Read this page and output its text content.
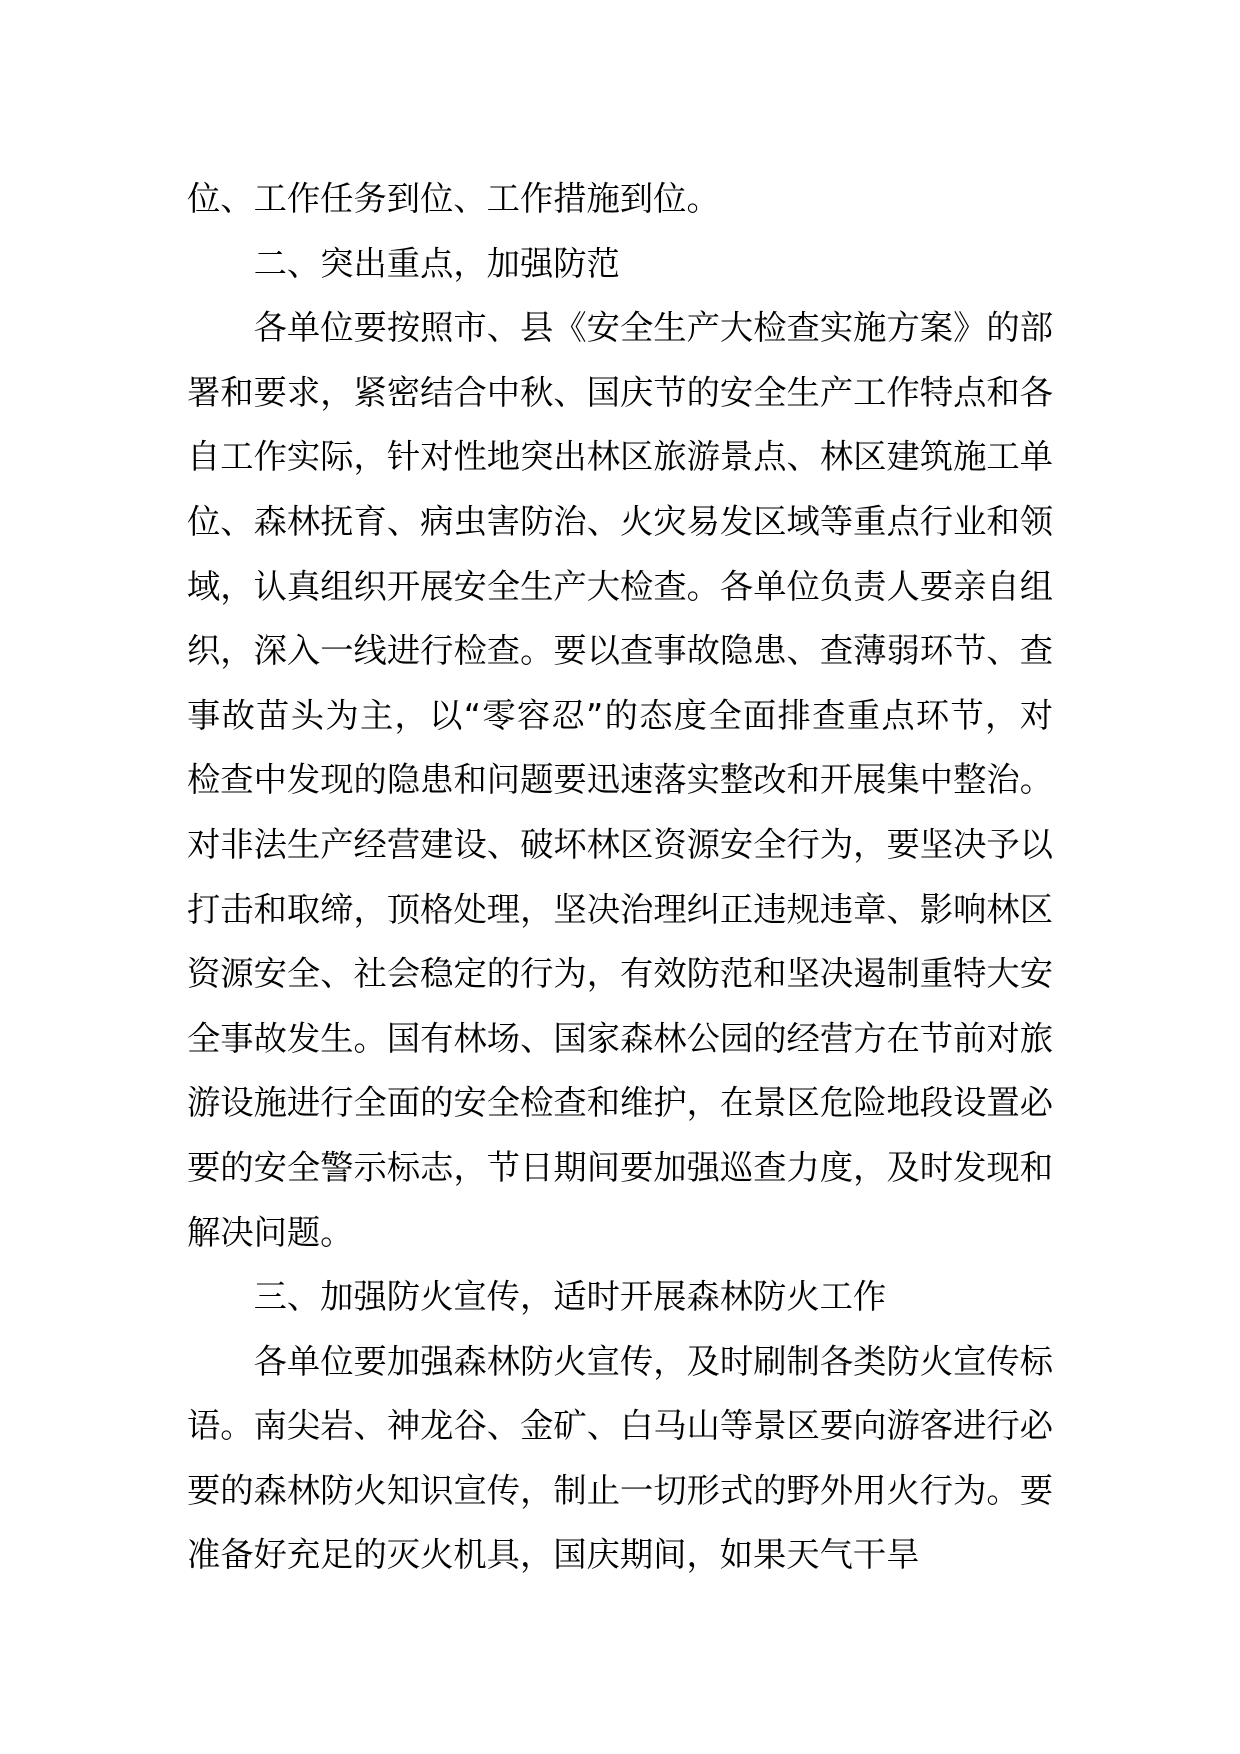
位、工作任务到位、工作措施到位。

二、突出重点，加强防范

各单位要按照市、县《安全生产大检查实施方案》的部署和要求，紧密结合中秋、国庆节的安全生产工作特点和各自工作实际，针对性地突出林区旅游景点、林区建筑施工单位、森林抚育、病虫害防治、火灾易发区域等重点行业和领域，认真组织开展安全生产大检查。各单位负责人要亲自组织，深入一线进行检查。要以查事故隐患、查薄弱环节、查事故苗头为主，以“零容忍”的态度全面排查重点环节，对检查中发现的隐患和问题要迅速落实整改和开展集中整治。对非法生产经营建设、破坏林区资源安全行为，要坚决予以打击和取缔，顶格处理，坚决治理纠正违规违章、影响林区资源安全、社会稳定的行为，有效防范和坚决遏制重特大安全事故发生。国有林场、国家森林公园的经营方在节前对旅游设施进行全面的安全检查和维护，在景区危险地段设置必要的安全警示标志，节日期间要加强巡查力度，及时发现和解决问题。

三、加强防火宣传，适时开展森林防火工作

各单位要加强森林防火宣传，及时刷制各类防火宣传标语。南尖岩、神龙谷、金矿、白马山等景区要向游客进行必要的森林防火知识宣传，制止一切形式的野外用火行为。要准备好充足的灭火机具，国庆期间，如果天气干旱
